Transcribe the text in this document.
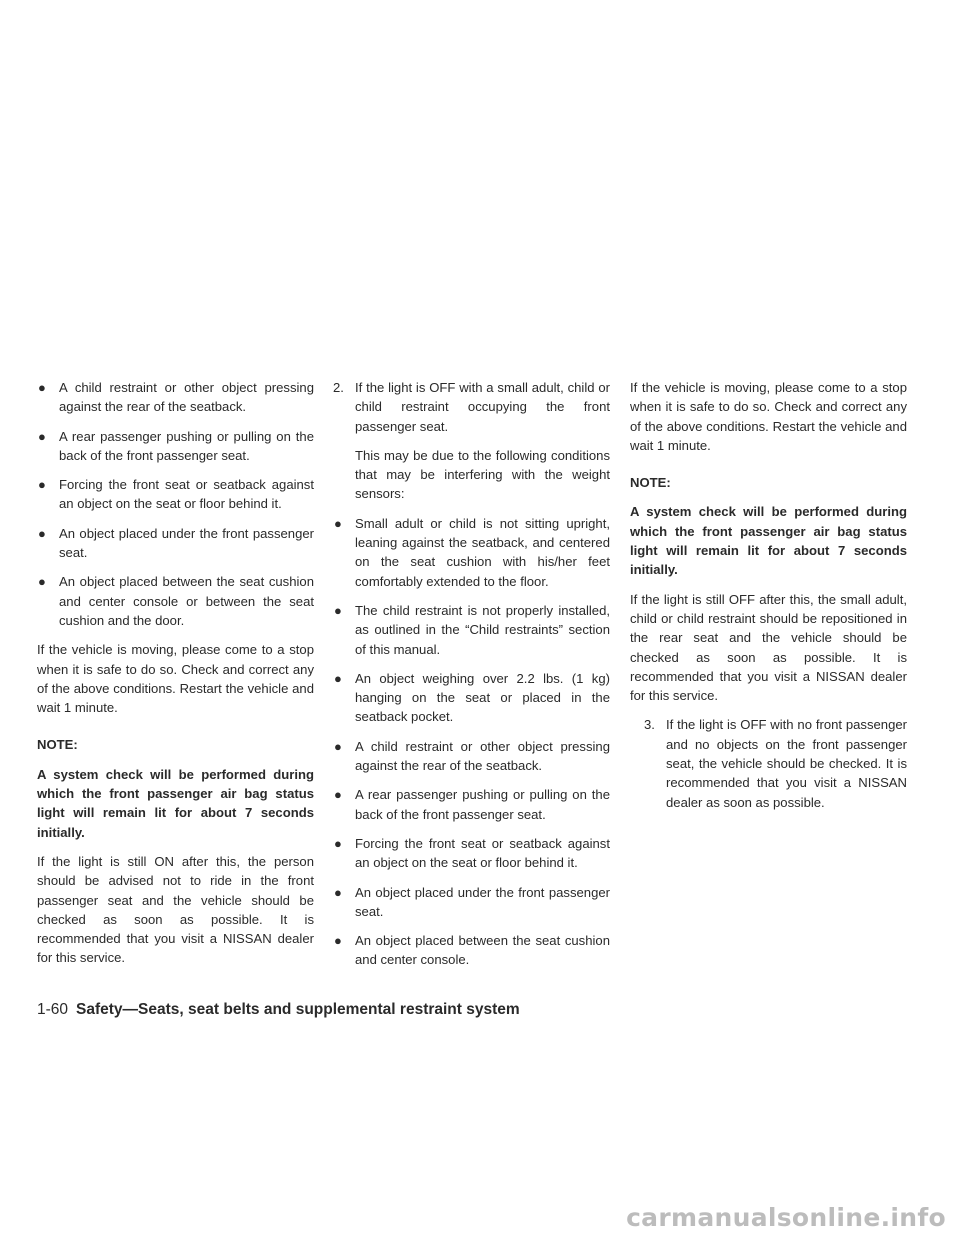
● A child restraint or other object pressing against the rear of the seatback.
● A rear passenger pushing or pulling on the back of the front passenger seat.
● Forcing the front seat or seatback against an object on the seat or floor behind it.
● An object placed under the front passenger seat.
● An object placed between the seat cushion and center console or between the seat cushion and the door.

If the vehicle is moving, please come to a stop when it is safe to do so. Check and correct any of the above conditions. Restart the vehicle and wait 1 minute.

NOTE:

A system check will be performed during which the front passenger air bag status light will remain lit for about 7 seconds initially.

If the light is still ON after this, the person should be advised not to ride in the front passenger seat and the vehicle should be checked as soon as possible. It is recommended that you visit a NISSAN dealer for this service.

2. If the light is OFF with a small adult, child or child restraint occupying the front passenger seat.

This may be due to the following conditions that may be interfering with the weight sensors:

● Small adult or child is not sitting upright, leaning against the seatback, and centered on the seat cushion with his/her feet comfortably extended to the floor.
● The child restraint is not properly installed, as outlined in the “Child restraints” section of this manual.
● An object weighing over 2.2 lbs. (1 kg) hanging on the seat or placed in the seatback pocket.
● A child restraint or other object pressing against the rear of the seatback.
● A rear passenger pushing or pulling on the back of the front passenger seat.
● Forcing the front seat or seatback against an object on the seat or floor behind it.
● An object placed under the front passenger seat.
● An object placed between the seat cushion and center console.

If the vehicle is moving, please come to a stop when it is safe to do so. Check and correct any of the above conditions. Restart the vehicle and wait 1 minute.

NOTE:

A system check will be performed during which the front passenger air bag status light will remain lit for about 7 seconds initially.

If the light is still OFF after this, the small adult, child or child restraint should be repositioned in the rear seat and the vehicle should be checked as soon as possible. It is recommended that you visit a NISSAN dealer for this service.

3. If the light is OFF with no front passenger and no objects on the front passenger seat, the vehicle should be checked. It is recommended that you visit a NISSAN dealer as soon as possible.
1-60 Safety—Seats, seat belts and supplemental restraint system
carmanualsonline.info
